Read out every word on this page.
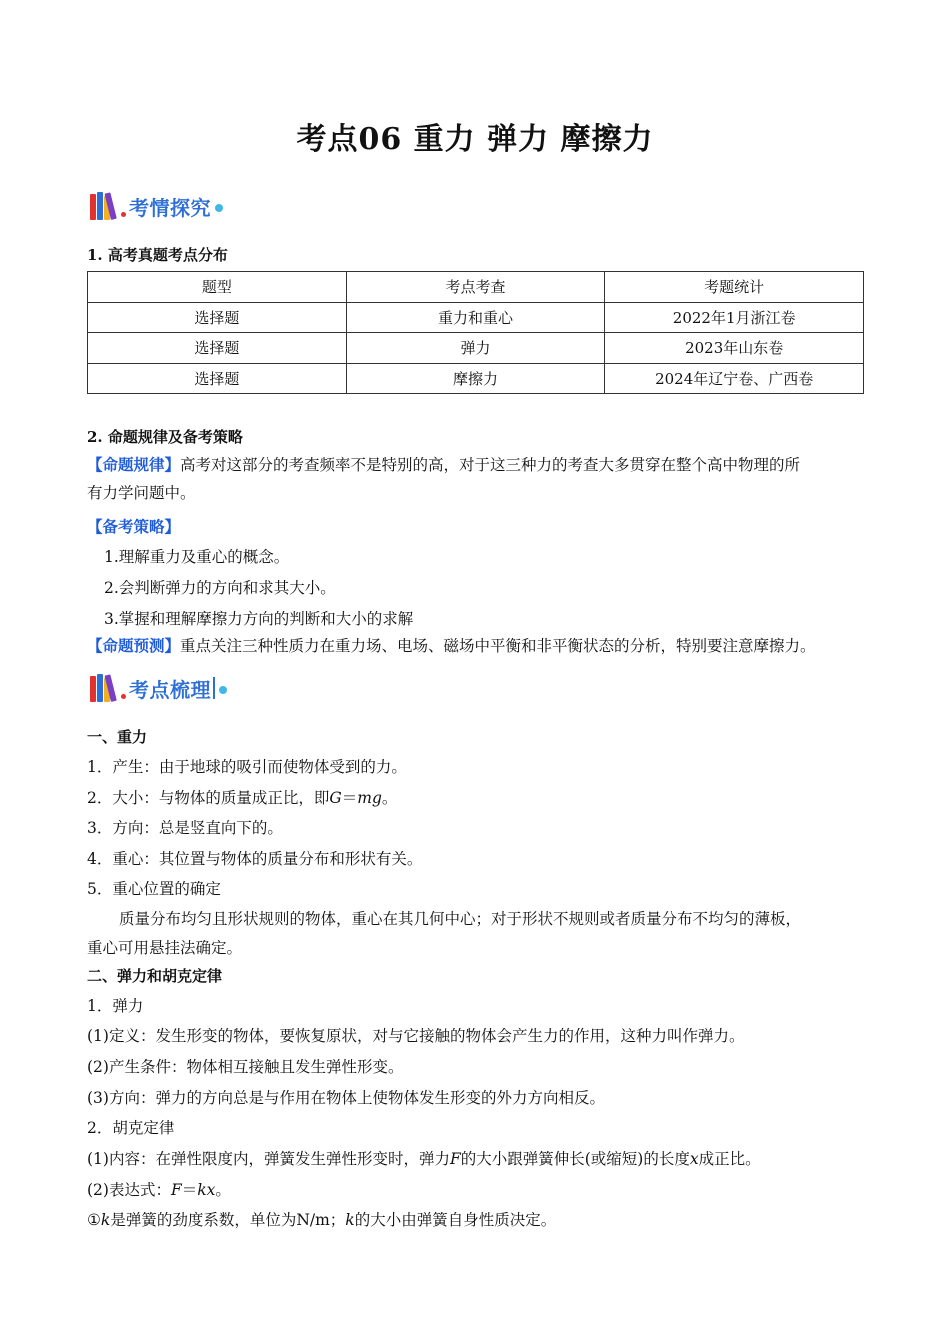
考点06 重力 弹力 摩擦力
考情探究
1. 高考真题考点分布
题型	考点考查	考题统计
选择题	重力和重心	2022年1月浙江卷
选择题	弹力	2023年山东卷
选择题	摩擦力	2024年辽宁卷、广西卷
2. 命题规律及备考策略
【命题规律】高考对这部分的考查频率不是特别的高，对于这三种力的考查大多贯穿在整个高中物理的所
有力学问题中。
【备考策略】
1.理解重力及重心的概念。
2.会判断弹力的方向和求其大小。
3.掌握和理解摩擦力方向的判断和大小的求解
【命题预测】重点关注三种性质力在重力场、电场、磁场中平衡和非平衡状态的分析，特别要注意摩擦力。
考点梳理
一、重力
1．产生：由于地球的吸引而使物体受到的力。
2．大小：与物体的质量成正比，即G＝mg。
3．方向：总是竖直向下的。
4．重心：其位置与物体的质量分布和形状有关。
5．重心位置的确定
质量分布均匀且形状规则的物体，重心在其几何中心；对于形状不规则或者质量分布不均匀的薄板，
重心可用悬挂法确定。
二、弹力和胡克定律
1．弹力
(1)定义：发生形变的物体，要恢复原状，对与它接触的物体会产生力的作用，这种力叫作弹力。
(2)产生条件：物体相互接触且发生弹性形变。
(3)方向：弹力的方向总是与作用在物体上使物体发生形变的外力方向相反。
2．胡克定律
(1)内容：在弹性限度内，弹簧发生弹性形变时，弹力F的大小跟弹簧伸长(或缩短)的长度x成正比。
(2)表达式：F＝kx。
①k是弹簧的劲度系数，单位为N/m；k的大小由弹簧自身性质决定。
